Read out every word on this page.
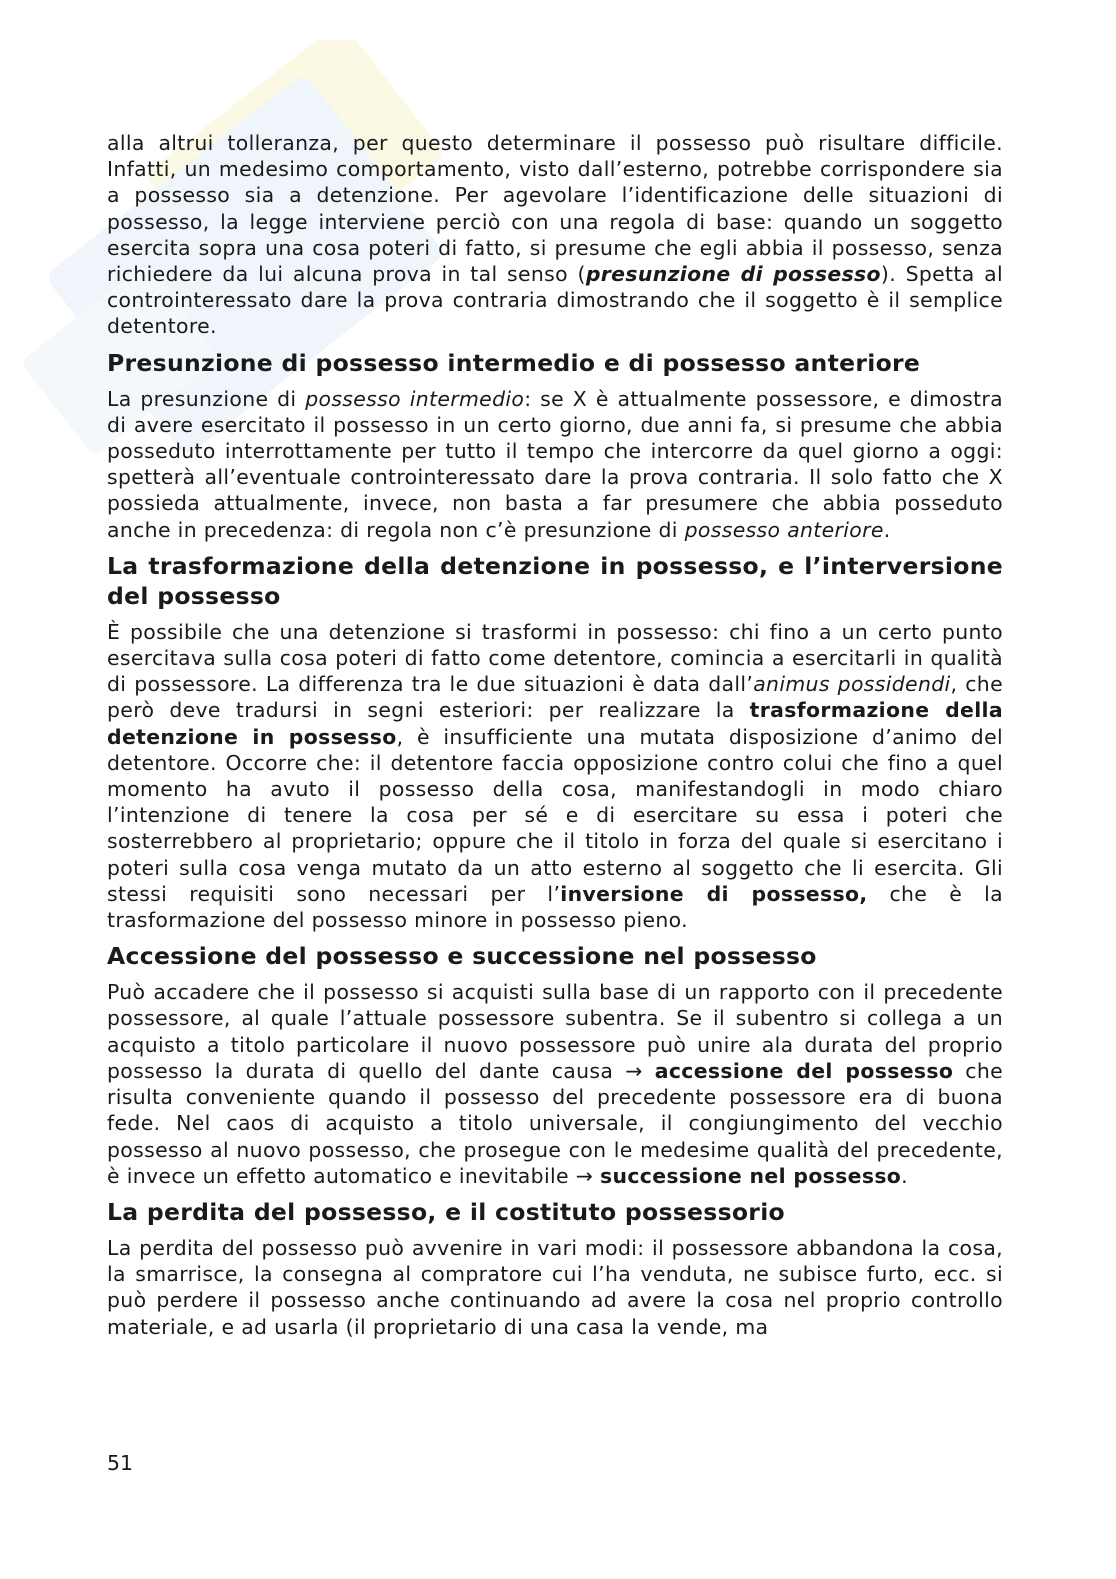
alla altrui tolleranza, per questo determinare il possesso può risultare difficile. Infatti, un medesimo comportamento, visto dall’esterno, potrebbe corrispondere sia a possesso sia a detenzione. Per agevolare l’identificazione delle situazioni di possesso, la legge interviene perciò con una regola di base: quando un soggetto esercita sopra una cosa poteri di fatto, si presume che egli abbia il possesso, senza richiedere da lui alcuna prova in tal senso (presunzione di possesso). Spetta al controinteressato dare la prova contraria dimostrando che il soggetto è il semplice detentore.

Presunzione di possesso intermedio e di possesso anteriore

La presunzione di possesso intermedio: se X è attualmente possessore, e dimostra di avere esercitato il possesso in un certo giorno, due anni fa, si presume che abbia posseduto interrottamente per tutto il tempo che intercorre da quel giorno a oggi: spetterà all’eventuale controinteressato dare la prova contraria. Il solo fatto che X possieda attualmente, invece, non basta a far presumere che abbia posseduto anche in precedenza: di regola non c’è presunzione di possesso anteriore.

La trasformazione della detenzione in possesso, e l’interversione del possesso

È possibile che una detenzione si trasformi in possesso: chi fino a un certo punto esercitava sulla cosa poteri di fatto come detentore, comincia a esercitarli in qualità di possessore. La differenza tra le due situazioni è data dall’animus possidendi, che però deve tradursi in segni esteriori: per realizzare la trasformazione della detenzione in possesso, è insufficiente una mutata disposizione d’animo del detentore. Occorre che: il detentore faccia opposizione contro colui che fino a quel momento ha avuto il possesso della cosa, manifestandogli in modo chiaro l’intenzione di tenere la cosa per sé e di esercitare su essa i poteri che sosterrebbero al proprietario; oppure che il titolo in forza del quale si esercitano i poteri sulla cosa venga mutato da un atto esterno al soggetto che li esercita. Gli stessi requisiti sono necessari per l’inversione di possesso, che è la trasformazione del possesso minore in possesso pieno.

Accessione del possesso e successione nel possesso

Può accadere che il possesso si acquisti sulla base di un rapporto con il precedente possessore, al quale l’attuale possessore subentra. Se il subentro si collega a un acquisto a titolo particolare il nuovo possessore può unire ala durata del proprio possesso la durata di quello del dante causa → accessione del possesso che risulta conveniente quando il possesso del precedente possessore era di buona fede. Nel caos di acquisto a titolo universale, il congiungimento del vecchio possesso al nuovo possesso, che prosegue con le medesime qualità del precedente, è invece un effetto automatico e inevitabile → successione nel possesso.

La perdita del possesso, e il costituto possessorio

La perdita del possesso può avvenire in vari modi: il possessore abbandona la cosa, la smarrisce, la consegna al compratore cui l’ha venduta, ne subisce furto, ecc. si può perdere il possesso anche continuando ad avere la cosa nel proprio controllo materiale, e ad usarla (il proprietario di una casa la vende, ma

51
